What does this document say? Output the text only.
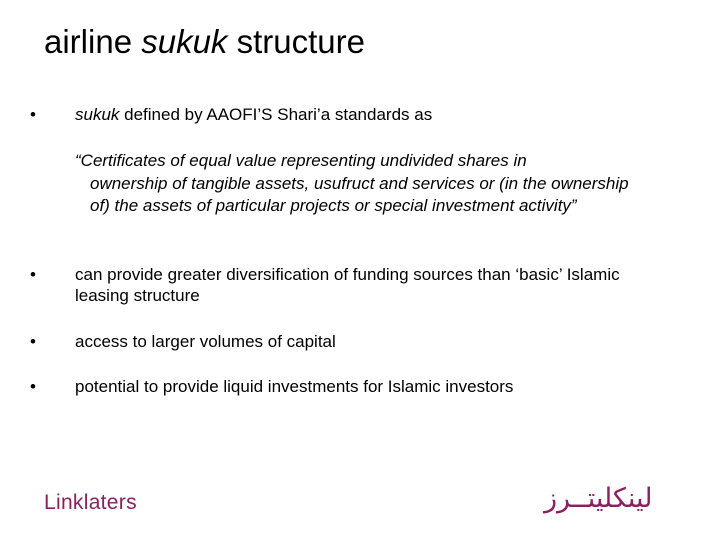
airline sukuk structure
•	sukuk defined by AAOFI’S Shari’a standards as
“Certificates of equal value representing undivided shares in
ownership of tangible assets, usufruct and services or (in the ownership of) the assets of particular projects or special investment activity”
•	can provide greater diversification of funding sources than ‘basic’ Islamic leasing structure
•	access to larger volumes of capital
•	potential to provide liquid investments for Islamic investors
Linklaters	لينكليتــرز
